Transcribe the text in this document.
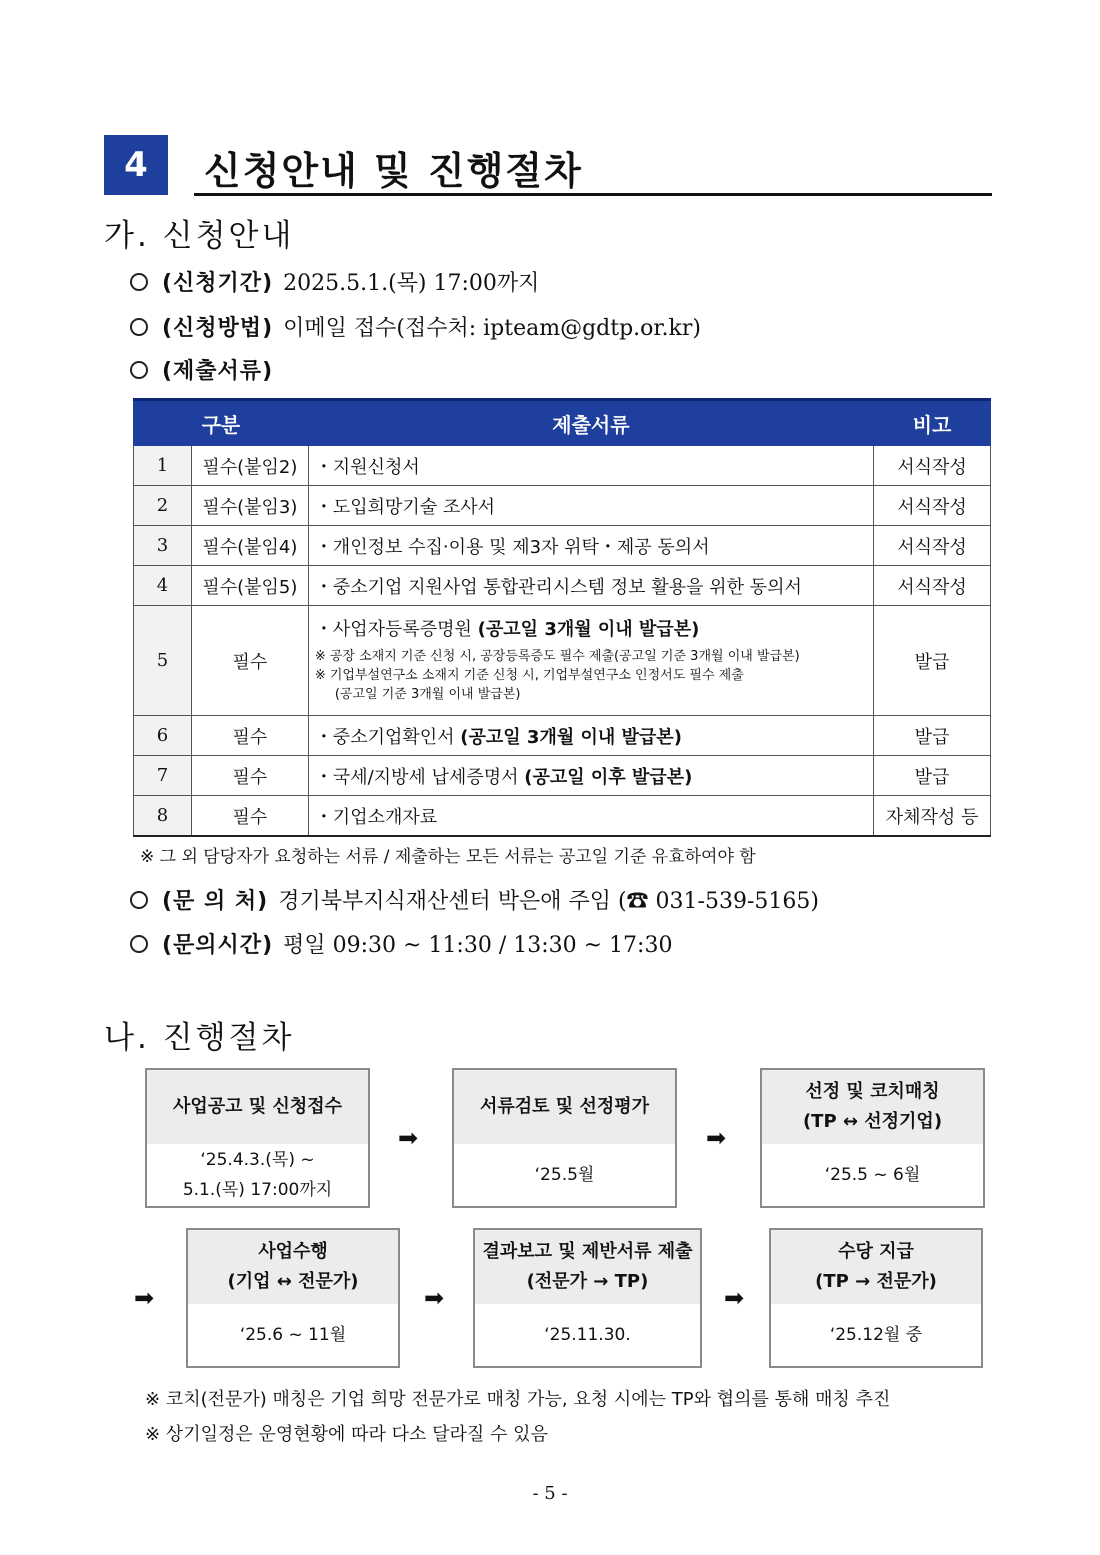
4	신청안내 및 진행절차
가. 신청안내
(신청기간) 2025.5.1.(목) 17:00까지
(신청방법) 이메일 접수(접수처: ipteam@gdtp.or.kr)
(제출서류)
구분		제출서류	비고
1	필수(붙임2)	・지원신청서	서식작성
2	필수(붙임3)	・도입희망기술 조사서	서식작성
3	필수(붙임4)	・개인정보 수집‧이용 및 제3자 위탁・제공 동의서	서식작성
4	필수(붙임5)	・중소기업 지원사업 통합관리시스템 정보 활용을 위한 동의서	서식작성
5	필수	・사업자등록증명원 (공고일 3개월 이내 발급본)
※ 공장 소재지 기준 신청 시, 공장등록증도 필수 제출(공고일 기준 3개월 이내 발급본)
※ 기업부설연구소 소재지 기준 신청 시, 기업부설연구소 인정서도 필수 제출
(공고일 기준 3개월 이내 발급본)	발급
6	필수	・중소기업확인서 (공고일 3개월 이내 발급본)	발급
7	필수	・국세/지방세 납세증명서 (공고일 이후 발급본)	발급
8	필수	・기업소개자료	자체작성 등
※ 그 외 담당자가 요청하는 서류 / 제출하는 모든 서류는 공고일 기준 유효하여야 함
(문 의 처) 경기북부지식재산센터 박은애 주임 (☎ 031-539-5165)
(문의시간) 평일 09:30 ~ 11:30 / 13:30 ~ 17:30
나. 진행절차
사업공고 및 신청접수
‘25.4.3.(목) ~
5.1.(목) 17:00까지
➡
서류검토 및 선정평가
‘25.5월
➡
선정 및 코치매칭
(TP ↔ 선정기업)
‘25.5 ~ 6월
➡
사업수행
(기업 ↔ 전문가)
‘25.6 ~ 11월
➡
결과보고 및 제반서류 제출
(전문가 → TP)
‘25.11.30.
➡
수당 지급
(TP → 전문가)
‘25.12월 중
※ 코치(전문가) 매칭은 기업 희망 전문가로 매칭 가능, 요청 시에는 TP와 협의를 통해 매칭 추진
※ 상기일정은 운영현황에 따라 다소 달라질 수 있음
- 5 -
